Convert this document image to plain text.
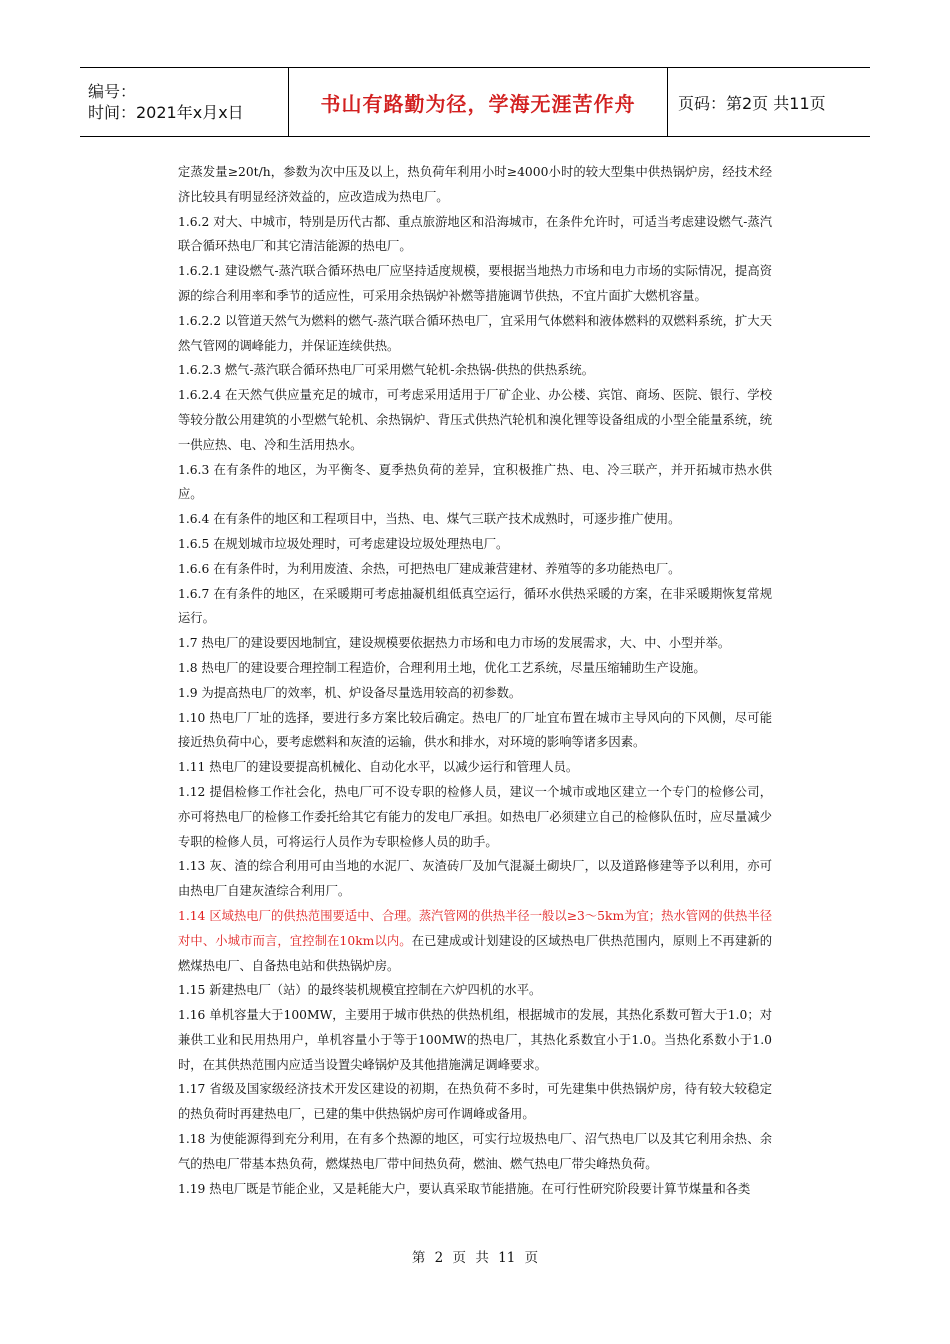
编号：
时间：2021年x月x日	书山有路勤为径，学海无涯苦作舟	页码：第2页 共11页

定蒸发量≥20t/h，参数为次中压及以上，热负荷年利用小时≥4000小时的较大型集中供热锅炉房，经技术经济比较具有明显经济效益的，应改造成为热电厂。

1.6.2 对大、中城市，特别是历代古都、重点旅游地区和沿海城市，在条件允许时，可适当考虑建设燃气-蒸汽联合循环热电厂和其它清洁能源的热电厂。

1.6.2.1 建设燃气-蒸汽联合循环热电厂应坚持适度规模，要根据当地热力市场和电力市场的实际情况，提高资源的综合利用率和季节的适应性，可采用余热锅炉补燃等措施调节供热，不宜片面扩大燃机容量。

1.6.2.2 以管道天然气为燃料的燃气-蒸汽联合循环热电厂，宜采用气体燃料和液体燃料的双燃料系统，扩大天然气管网的调峰能力，并保证连续供热。

1.6.2.3 燃气-蒸汽联合循环热电厂可采用燃气轮机-余热锅-供热的供热系统。

1.6.2.4 在天然气供应量充足的城市，可考虑采用适用于厂矿企业、办公楼、宾馆、商场、医院、银行、学校等较分散公用建筑的小型燃气轮机、余热锅炉、背压式供热汽轮机和溴化锂等设备组成的小型全能量系统，统一供应热、电、冷和生活用热水。

1.6.3 在有条件的地区，为平衡冬、夏季热负荷的差异，宜积极推广热、电、冷三联产，并开拓城市热水供应。

1.6.4 在有条件的地区和工程项目中，当热、电、煤气三联产技术成熟时，可逐步推广使用。

1.6.5 在规划城市垃圾处理时，可考虑建设垃圾处理热电厂。

1.6.6 在有条件时，为利用废渣、余热，可把热电厂建成兼营建材、养殖等的多功能热电厂。

1.6.7 在有条件的地区，在采暖期可考虑抽凝机组低真空运行，循环水供热采暖的方案，在非采暖期恢复常规运行。

1.7 热电厂的建设要因地制宜，建设规模要依据热力市场和电力市场的发展需求，大、中、小型并举。

1.8 热电厂的建设要合理控制工程造价，合理利用土地，优化工艺系统，尽量压缩辅助生产设施。

1.9 为提高热电厂的效率，机、炉设备尽量选用较高的初参数。

1.10 热电厂厂址的选择，要进行多方案比较后确定。热电厂的厂址宜布置在城市主导风向的下风侧，尽可能接近热负荷中心，要考虑燃料和灰渣的运输，供水和排水，对环境的影响等诸多因素。

1.11 热电厂的建设要提高机械化、自动化水平，以减少运行和管理人员。

1.12 提倡检修工作社会化，热电厂可不设专职的检修人员，建议一个城市或地区建立一个专门的检修公司，亦可将热电厂的检修工作委托给其它有能力的发电厂承担。如热电厂必须建立自己的检修队伍时，应尽量减少专职的检修人员，可将运行人员作为专职检修人员的助手。

1.13 灰、渣的综合利用可由当地的水泥厂、灰渣砖厂及加气混凝土砌块厂，以及道路修建等予以利用，亦可由热电厂自建灰渣综合利用厂。

1.14 区域热电厂的供热范围要适中、合理。蒸汽管网的供热半径一般以≥3～5km为宜；热水管网的供热半径对中、小城市而言，宜控制在10km以内。在已建成或计划建设的区域热电厂供热范围内，原则上不再建新的燃煤热电厂、自备热电站和供热锅炉房。

1.15 新建热电厂（站）的最终装机规模宜控制在六炉四机的水平。

1.16 单机容量大于100MW，主要用于城市供热的供热机组，根据城市的发展，其热化系数可暂大于1.0；对兼供工业和民用热用户，单机容量小于等于100MW的热电厂，其热化系数宜小于1.0。当热化系数小于1.0时，在其供热范围内应适当设置尖峰锅炉及其他措施满足调峰要求。

1.17 省级及国家级经济技术开发区建设的初期，在热负荷不多时，可先建集中供热锅炉房，待有较大较稳定的热负荷时再建热电厂，已建的集中供热锅炉房可作调峰或备用。

1.18 为使能源得到充分利用，在有多个热源的地区，可实行垃圾热电厂、沼气热电厂以及其它利用余热、余气的热电厂带基本热负荷，燃煤热电厂带中间热负荷，燃油、燃气热电厂带尖峰热负荷。

1.19 热电厂既是节能企业，又是耗能大户，要认真采取节能措施。在可行性研究阶段要计算节煤量和各类

第 2 页 共 11 页
